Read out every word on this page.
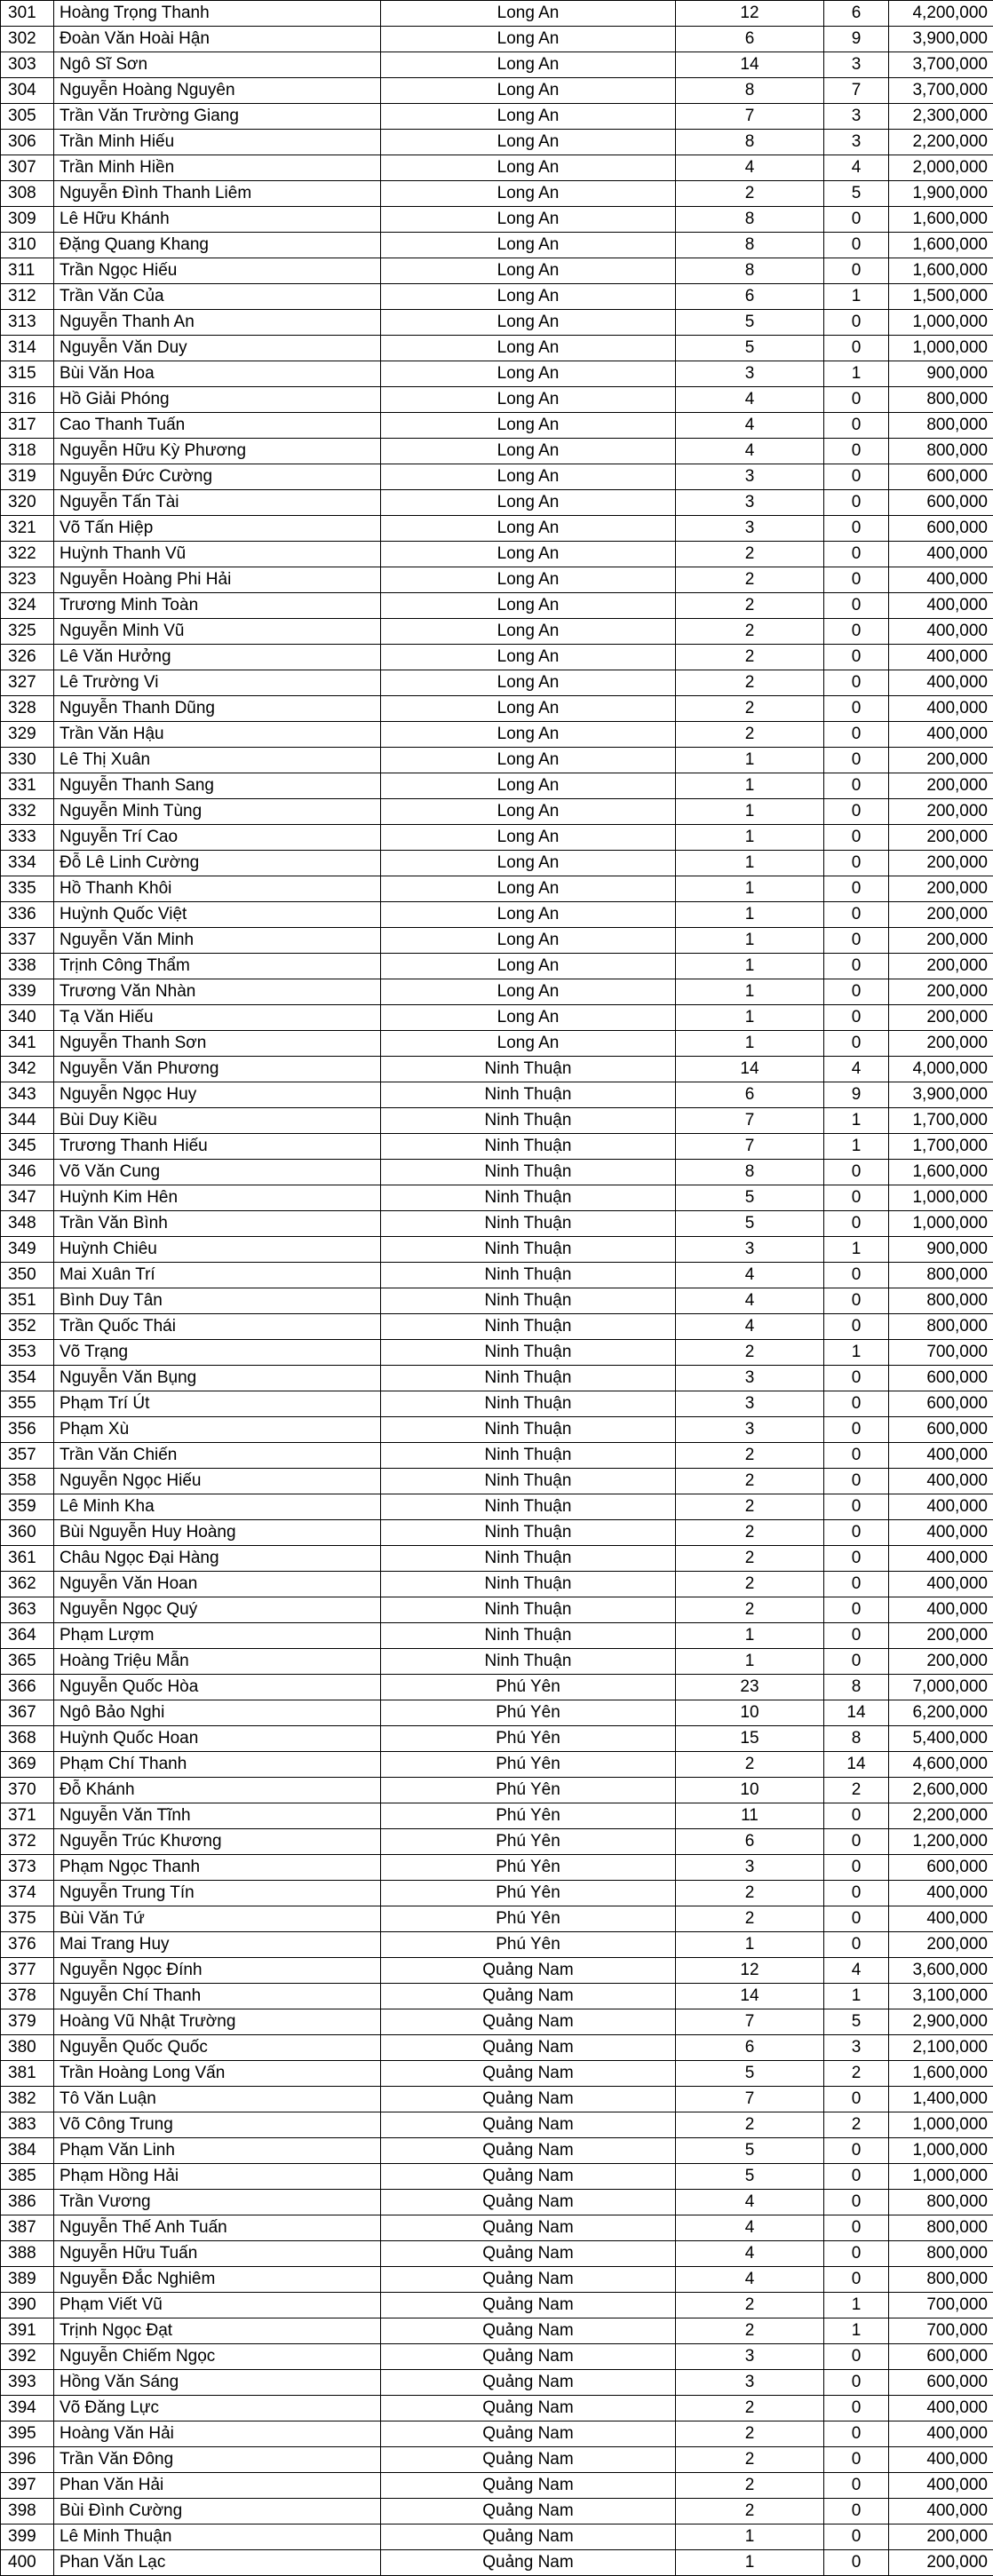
301	Hoàng Trọng Thanh	Long An	12	6	4,200,000
302	Đoàn Văn Hoài Hận	Long An	6	9	3,900,000
303	Ngô Sĩ Sơn	Long An	14	3	3,700,000
304	Nguyễn Hoàng Nguyên	Long An	8	7	3,700,000
305	Trần Văn Trường Giang	Long An	7	3	2,300,000
306	Trần Minh Hiếu	Long An	8	3	2,200,000
307	Trần Minh Hiền	Long An	4	4	2,000,000
308	Nguyễn Đình Thanh Liêm	Long An	2	5	1,900,000
309	Lê Hữu Khánh	Long An	8	0	1,600,000
310	Đặng Quang Khang	Long An	8	0	1,600,000
311	Trần Ngọc Hiếu	Long An	8	0	1,600,000
312	Trần Văn Của	Long An	6	1	1,500,000
313	Nguyễn Thanh An	Long An	5	0	1,000,000
314	Nguyễn Văn Duy	Long An	5	0	1,000,000
315	Bùi Văn Hoa	Long An	3	1	900,000
316	Hồ Giải Phóng	Long An	4	0	800,000
317	Cao Thanh Tuấn	Long An	4	0	800,000
318	Nguyễn Hữu Kỳ Phương	Long An	4	0	800,000
319	Nguyễn Đức Cường	Long An	3	0	600,000
320	Nguyễn Tấn Tài	Long An	3	0	600,000
321	Võ Tấn Hiệp	Long An	3	0	600,000
322	Huỳnh Thanh Vũ	Long An	2	0	400,000
323	Nguyễn Hoàng Phi Hải	Long An	2	0	400,000
324	Trương Minh Toàn	Long An	2	0	400,000
325	Nguyễn Minh Vũ	Long An	2	0	400,000
326	Lê Văn Hưởng	Long An	2	0	400,000
327	Lê Trường Vi	Long An	2	0	400,000
328	Nguyễn Thanh Dũng	Long An	2	0	400,000
329	Trần Văn Hậu	Long An	2	0	400,000
330	Lê Thị Xuân	Long An	1	0	200,000
331	Nguyễn Thanh Sang	Long An	1	0	200,000
332	Nguyễn Minh Tùng	Long An	1	0	200,000
333	Nguyễn Trí Cao	Long An	1	0	200,000
334	Đỗ Lê Linh Cường	Long An	1	0	200,000
335	Hồ Thanh Khôi	Long An	1	0	200,000
336	Huỳnh Quốc Việt	Long An	1	0	200,000
337	Nguyễn Văn Minh	Long An	1	0	200,000
338	Trịnh Công Thẩm	Long An	1	0	200,000
339	Trương Văn Nhàn	Long An	1	0	200,000
340	Tạ Văn Hiếu	Long An	1	0	200,000
341	Nguyễn Thanh Sơn	Long An	1	0	200,000
342	Nguyễn Văn Phương	Ninh Thuận	14	4	4,000,000
343	Nguyễn Ngọc Huy	Ninh Thuận	6	9	3,900,000
344	Bùi Duy Kiều	Ninh Thuận	7	1	1,700,000
345	Trương Thanh Hiếu	Ninh Thuận	7	1	1,700,000
346	Võ Văn Cung	Ninh Thuận	8	0	1,600,000
347	Huỳnh Kim Hên	Ninh Thuận	5	0	1,000,000
348	Trần Văn Bình	Ninh Thuận	5	0	1,000,000
349	Huỳnh Chiêu	Ninh Thuận	3	1	900,000
350	Mai Xuân Trí	Ninh Thuận	4	0	800,000
351	Bình Duy Tân	Ninh Thuận	4	0	800,000
352	Trần Quốc Thái	Ninh Thuận	4	0	800,000
353	Võ Trạng	Ninh Thuận	2	1	700,000
354	Nguyễn Văn Bụng	Ninh Thuận	3	0	600,000
355	Phạm Trí Út	Ninh Thuận	3	0	600,000
356	Phạm Xù	Ninh Thuận	3	0	600,000
357	Trần Văn Chiến	Ninh Thuận	2	0	400,000
358	Nguyễn Ngọc Hiếu	Ninh Thuận	2	0	400,000
359	Lê Minh Kha	Ninh Thuận	2	0	400,000
360	Bùi Nguyễn Huy Hoàng	Ninh Thuận	2	0	400,000
361	Châu Ngọc Đại Hàng	Ninh Thuận	2	0	400,000
362	Nguyễn Văn Hoan	Ninh Thuận	2	0	400,000
363	Nguyễn Ngọc Quý	Ninh Thuận	2	0	400,000
364	Phạm Lượm	Ninh Thuận	1	0	200,000
365	Hoàng Triệu Mẫn	Ninh Thuận	1	0	200,000
366	Nguyễn Quốc Hòa	Phú Yên	23	8	7,000,000
367	Ngô Bảo Nghi	Phú Yên	10	14	6,200,000
368	Huỳnh Quốc Hoan	Phú Yên	15	8	5,400,000
369	Phạm Chí Thanh	Phú Yên	2	14	4,600,000
370	Đỗ Khánh	Phú Yên	10	2	2,600,000
371	Nguyễn Văn Tĩnh	Phú Yên	11	0	2,200,000
372	Nguyễn Trúc Khương	Phú Yên	6	0	1,200,000
373	Phạm Ngọc Thanh	Phú Yên	3	0	600,000
374	Nguyễn Trung Tín	Phú Yên	2	0	400,000
375	Bùi Văn Tứ	Phú Yên	2	0	400,000
376	Mai Trang Huy	Phú Yên	1	0	200,000
377	Nguyễn Ngọc Đính	Quảng Nam	12	4	3,600,000
378	Nguyễn Chí Thanh	Quảng Nam	14	1	3,100,000
379	Hoàng Vũ Nhật Trường	Quảng Nam	7	5	2,900,000
380	Nguyễn Quốc Quốc	Quảng Nam	6	3	2,100,000
381	Trần Hoàng Long Vấn	Quảng Nam	5	2	1,600,000
382	Tô Văn Luận	Quảng Nam	7	0	1,400,000
383	Võ Công Trung	Quảng Nam	2	2	1,000,000
384	Phạm Văn Linh	Quảng Nam	5	0	1,000,000
385	Phạm Hồng Hải	Quảng Nam	5	0	1,000,000
386	Trần Vương	Quảng Nam	4	0	800,000
387	Nguyễn Thế Anh Tuấn	Quảng Nam	4	0	800,000
388	Nguyễn Hữu Tuấn	Quảng Nam	4	0	800,000
389	Nguyễn Đắc Nghiêm	Quảng Nam	4	0	800,000
390	Phạm Viết Vũ	Quảng Nam	2	1	700,000
391	Trịnh Ngọc Đạt	Quảng Nam	2	1	700,000
392	Nguyễn Chiếm Ngọc	Quảng Nam	3	0	600,000
393	Hồng Văn Sáng	Quảng Nam	3	0	600,000
394	Võ Đăng Lực	Quảng Nam	2	0	400,000
395	Hoàng Văn Hải	Quảng Nam	2	0	400,000
396	Trần Văn Đông	Quảng Nam	2	0	400,000
397	Phan Văn Hải	Quảng Nam	2	0	400,000
398	Bùi Đình Cường	Quảng Nam	2	0	400,000
399	Lê Minh Thuận	Quảng Nam	1	0	200,000
400	Phan Văn Lạc	Quảng Nam	1	0	200,000
